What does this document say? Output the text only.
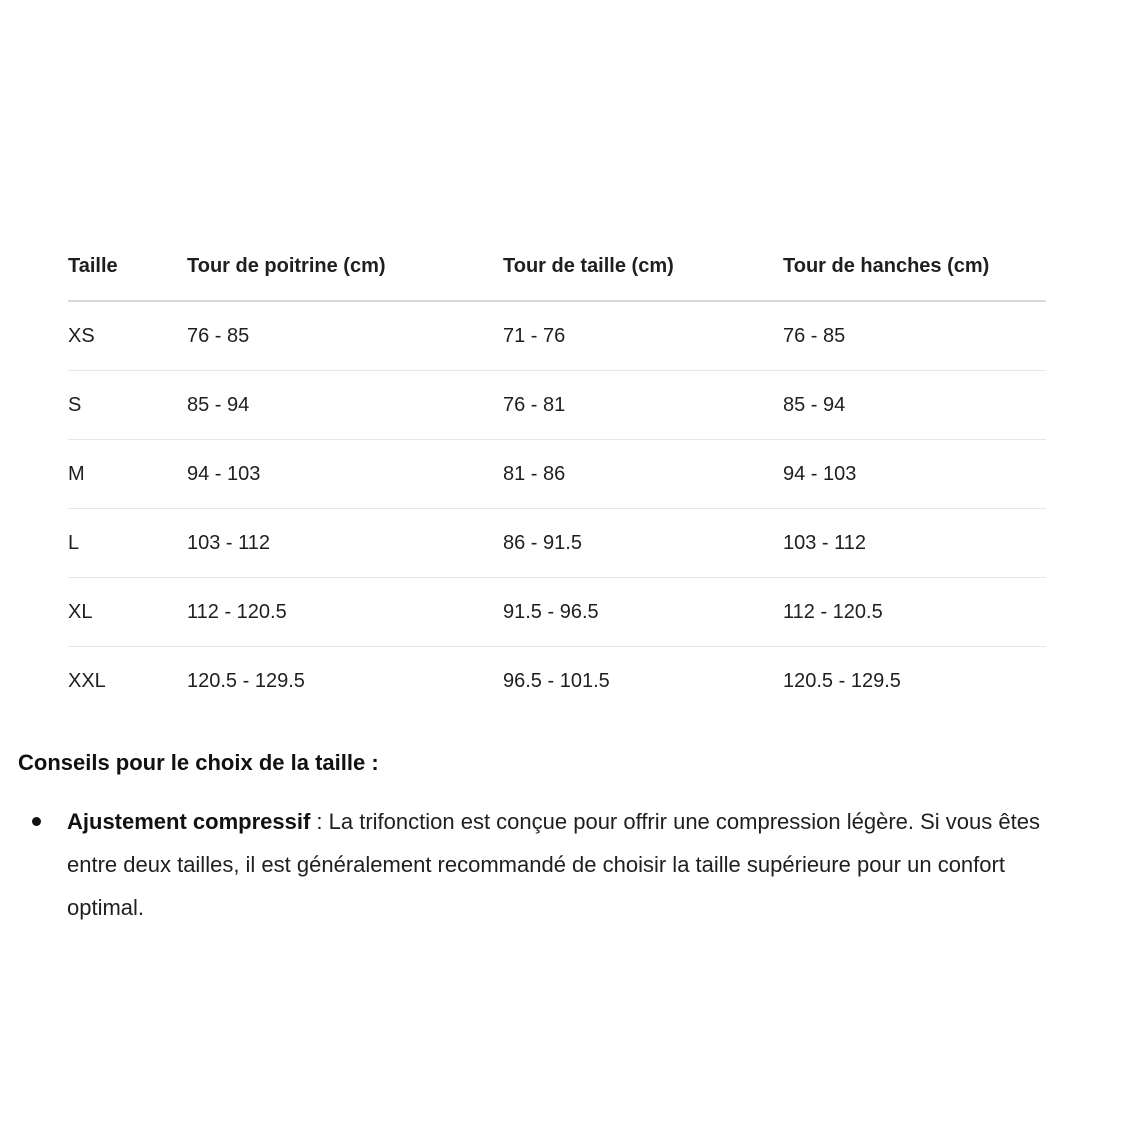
Taille	Tour de poitrine (cm)	Tour de taille (cm)	Tour de hanches (cm)
XS	76 - 85	71 - 76	76 - 85
S	85 - 94	76 - 81	85 - 94
M	94 - 103	81 - 86	94 - 103
L	103 - 112	86 - 91.5	103 - 112
XL	112 - 120.5	91.5 - 96.5	112 - 120.5
XXL	120.5 - 129.5	96.5 - 101.5	120.5 - 129.5
Conseils pour le choix de la taille :
Ajustement compressif : La trifonction est conçue pour offrir une compression légère. Si vous êtes entre deux tailles, il est généralement recommandé de choisir la taille supérieure pour un confort optimal.
